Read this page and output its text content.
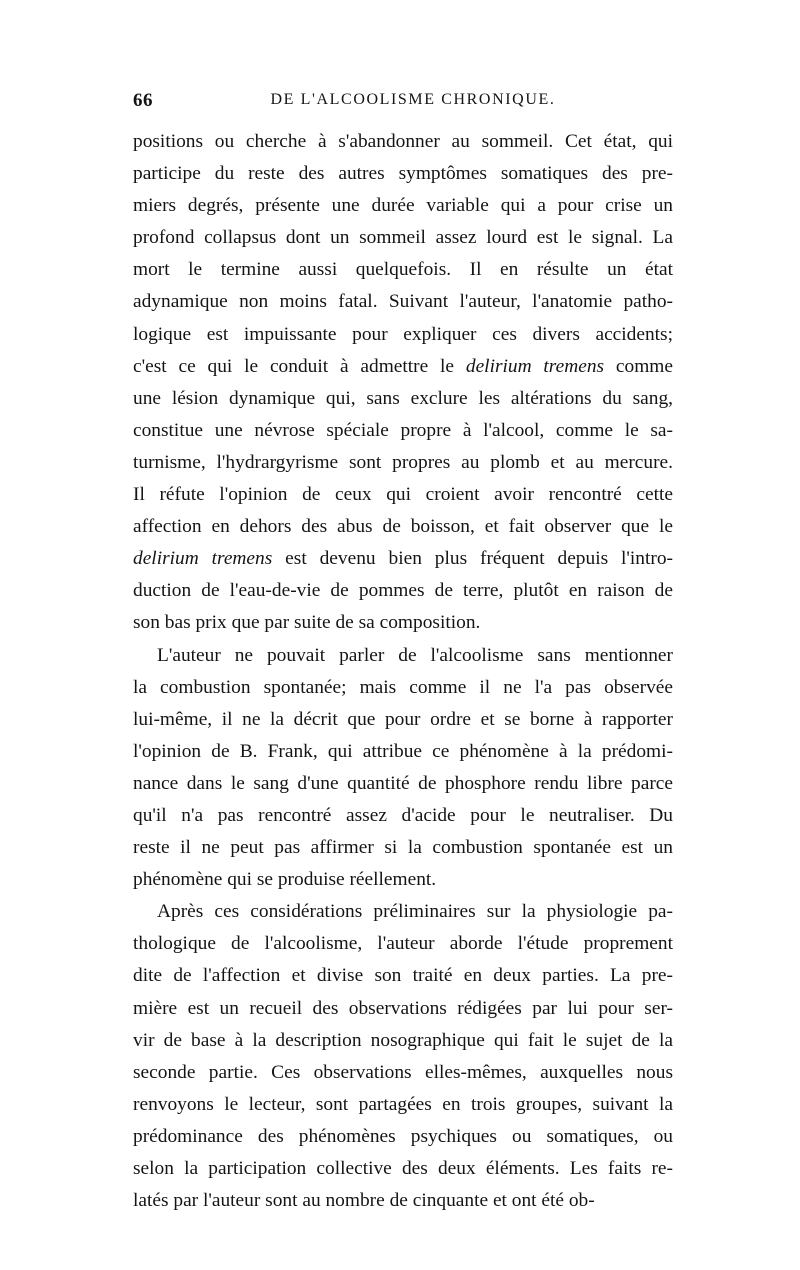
66	DE L'ALCOOLISME CHRONIQUE.
positions ou cherche à s'abandonner au sommeil. Cet état, qui
participe du reste des autres symptômes somatiques des pre-
miers degrés, présente une durée variable qui a pour crise un
profond collapsus dont un sommeil assez lourd est le signal. La
mort le termine aussi quelquefois. Il en résulte un état
adynamique non moins fatal. Suivant l'auteur, l'anatomie patho-
logique est impuissante pour expliquer ces divers accidents;
c'est ce qui le conduit à admettre le delirium tremens comme
une lésion dynamique qui, sans exclure les altérations du sang,
constitue une névrose spéciale propre à l'alcool, comme le sa-
turnisme, l'hydrargyrisme sont propres au plomb et au mercure.
Il réfute l'opinion de ceux qui croient avoir rencontré cette
affection en dehors des abus de boisson, et fait observer que le
delirium tremens est devenu bien plus fréquent depuis l'intro-
duction de l'eau-de-vie de pommes de terre, plutôt en raison de
son bas prix que par suite de sa composition.
L'auteur ne pouvait parler de l'alcoolisme sans mentionner
la combustion spontanée; mais comme il ne l'a pas observée
lui-même, il ne la décrit que pour ordre et se borne à rapporter
l'opinion de B. Frank, qui attribue ce phénomène à la prédomi-
nance dans le sang d'une quantité de phosphore rendu libre parce
qu'il n'a pas rencontré assez d'acide pour le neutraliser. Du
reste il ne peut pas affirmer si la combustion spontanée est un
phénomène qui se produise réellement.
Après ces considérations préliminaires sur la physiologie pa-
thologique de l'alcoolisme, l'auteur aborde l'étude proprement
dite de l'affection et divise son traité en deux parties. La pre-
mière est un recueil des observations rédigées par lui pour ser-
vir de base à la description nosographique qui fait le sujet de la
seconde partie. Ces observations elles-mêmes, auxquelles nous
renvoyons le lecteur, sont partagées en trois groupes, suivant la
prédominance des phénomènes psychiques ou somatiques, ou
selon la participation collective des deux éléments. Les faits re-
latés par l'auteur sont au nombre de cinquante et ont été ob-
